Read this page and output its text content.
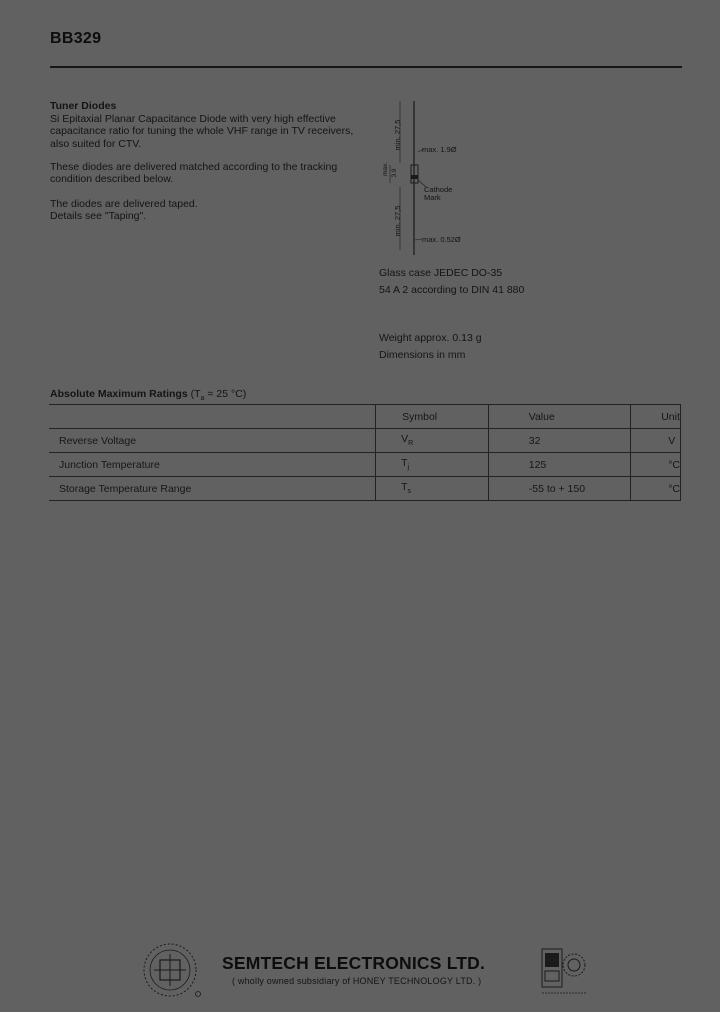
BB329
Tuner Diodes
Si Epitaxial Planar Capacitance Diode with very high effective capacitance ratio for tuning the whole VHF range in TV receivers, also suited for CTV.
These diodes are delivered matched according to the tracking condition described below.
The diodes are delivered taped.
Details see "Taping".
min. 27,5
max. 3.9
min. 27,5
max. 1.9Ø
Cathode
Mark
max. 0.52Ø
Glass case JEDEC DO-35
54 A 2 according to DIN 41 880
Weight approx. 0.13 g
Dimensions in mm
Absolute Maximum Ratings ($T_a = 25$ °C)
	Symbol	Value	Unit
Reverse Voltage	$V_R$	32	V
Junction Temperature	$T_j$	125	°C
Storage Temperature Range	$T_s$	-55 to + 150	°C
SEMTECH ELECTRONICS LTD.
( wholly owned subsidiary of HONEY TECHNOLOGY LTD. )
